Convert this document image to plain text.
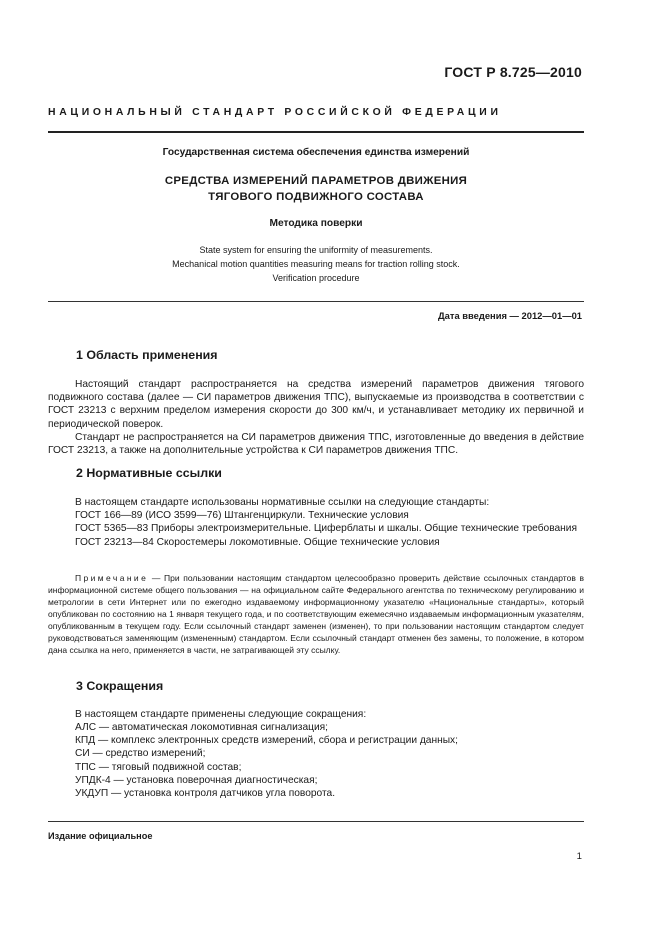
ГОСТ Р 8.725—2010
НАЦИОНАЛЬНЫЙ СТАНДАРТ РОССИЙСКОЙ ФЕДЕРАЦИИ
Государственная система обеспечения единства измерений
СРЕДСТВА ИЗМЕРЕНИЙ ПАРАМЕТРОВ ДВИЖЕНИЯ
ТЯГОВОГО ПОДВИЖНОГО СОСТАВА
Методика поверки
State system for ensuring the uniformity of measurements.
Mechanical motion quantities measuring means for traction rolling stock.
Verification procedure
Дата введения — 2012—01—01
1 Область применения

Настоящий стандарт распространяется на средства измерений параметров движения тягового подвижного состава (далее — СИ параметров движения ТПС), выпускаемые из производства в соответствии с ГОСТ 23213 с верхним пределом измерения скорости до 300 км/ч, и устанавливает методику их первичной и периодической поверок.

Стандарт не распространяется на СИ параметров движения ТПС, изготовленные до введения в действие ГОСТ 23213, а также на дополнительные устройства к СИ параметров движения ТПС.

2 Нормативные ссылки

В настоящем стандарте использованы нормативные ссылки на следующие стандарты:

ГОСТ 166—89 (ИСО 3599—76) Штангенциркули. Технические условия

ГОСТ 5365—83 Приборы электроизмерительные. Циферблаты и шкалы. Общие технические требования

ГОСТ 23213—84 Скоростемеры локомотивные. Общие технические условия

Примечание — При пользовании настоящим стандартом целесообразно проверить действие ссылочных стандартов в информационной системе общего пользования — на официальном сайте Федерального агентства по техническому регулированию и метрологии в сети Интернет или по ежегодно издаваемому информационному указателю «Национальные стандарты», который опубликован по состоянию на 1 января текущего года, и по соответствующим ежемесячно издаваемым информационным указателям, опубликованным в текущем году. Если ссылочный стандарт заменен (изменен), то при пользовании настоящим стандартом следует руководствоваться заменяющим (измененным) стандартом. Если ссылочный стандарт отменен без замены, то положение, в котором дана ссылка на него, применяется в части, не затрагивающей эту ссылку.

3 Сокращения

В настоящем стандарте применены следующие сокращения:

АЛС — автоматическая локомотивная сигнализация;
КПД — комплекс электронных средств измерений, сбора и регистрации данных;
СИ — средство измерений;
ТПС — тяговый подвижной состав;
УПДК-4 — установка поверочная диагностическая;
УКДУП — установка контроля датчиков угла поворота.
Издание официальное
1
